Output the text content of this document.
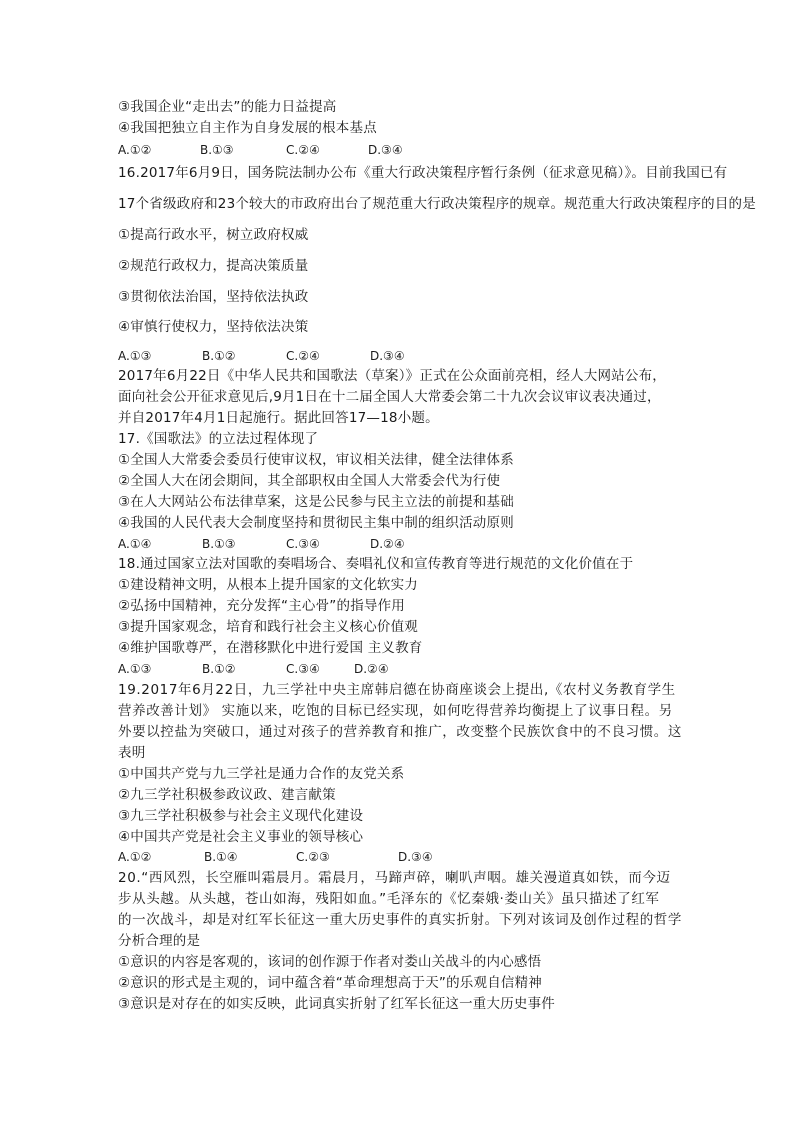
③我国企业“走出去”的能力日益提高
④我国把独立自主作为自身发展的根本基点
A.①②	B.①③	C.②④	D.③④
16.2017年6月9日，国务院法制办公布《重大行政决策程序暂行条例（征求意见稿）》。目前我国已有
17个省级政府和23个较大的市政府出台了规范重大行政决策程序的规章。规范重大行政决策程序的目的是
①提高行政水平，树立政府权威
②规范行政权力，提高决策质量
③贯彻依法治国，坚持依法执政
④审慎行使权力，坚持依法决策
A.①③	B.①②	C.②④	D.③④
2017年6月22日《中华人民共和国歌法（草案）》正式在公众面前亮相，经人大网站公布，
面向社会公开征求意见后,9月1日在十二届全国人大常委会第二十九次会议审议表决通过，
并自2017年4月1日起施行。据此回答17—18小题。
17.《国歌法》的立法过程体现了
①全国人大常委会委员行使审议权，审议相关法律，健全法律体系
②全国人大在闭会期间，其全部职权由全国人大常委会代为行使
③在人大网站公布法律草案，这是公民参与民主立法的前提和基础
④我国的人民代表大会制度坚持和贯彻民主集中制的组织活动原则
A.①④	B.①③	C.③④	D.②④
18.通过国家立法对国歌的奏唱场合、奏唱礼仪和宣传教育等进行规范的文化价值在于
①建设精神文明，从根本上提升国家的文化软实力
②弘扬中国精神，充分发挥“主心骨”的指导作用
③提升国家观念，培育和践行社会主义核心价值观
④维护国歌尊严，在潜移默化中进行爱国 主义教育
A.①③	B.①②	C.③④	D.②④
19.2017年6月22日，九三学社中央主席韩启德在协商座谈会上提出,《农村义务教育学生
营养改善计划》 实施以来，吃饱的目标已经实现，如何吃得营养均衡提上了议事日程。另
外要以控盐为突破口，通过对孩子的营养教育和推广，改变整个民族饮食中的不良习惯。这
表明
①中国共产党与九三学社是通力合作的友党关系
②九三学社积极参政议政、建言献策
③九三学社积极参与社会主义现代化建设
④中国共产党是社会主义事业的领导核心
A.①②	B.①④	C.②③	D.③④
20.“西风烈，长空雁叫霜晨月。霜晨月，马蹄声碎，喇叭声咽。雄关漫道真如铁，而今迈
步从头越。从头越，苍山如海，残阳如血。”毛泽东的《忆秦娥·娄山关》虽只描述了红军
的一次战斗，却是对红军长征这一重大历史事件的真实折射。下列对该词及创作过程的哲学
分析合理的是
①意识的内容是客观的，该词的创作源于作者对娄山关战斗的内心感悟
②意识的形式是主观的，词中蕴含着“革命理想高于天”的乐观自信精神
③意识是对存在的如实反映，此词真实折射了红军长征这一重大历史事件
